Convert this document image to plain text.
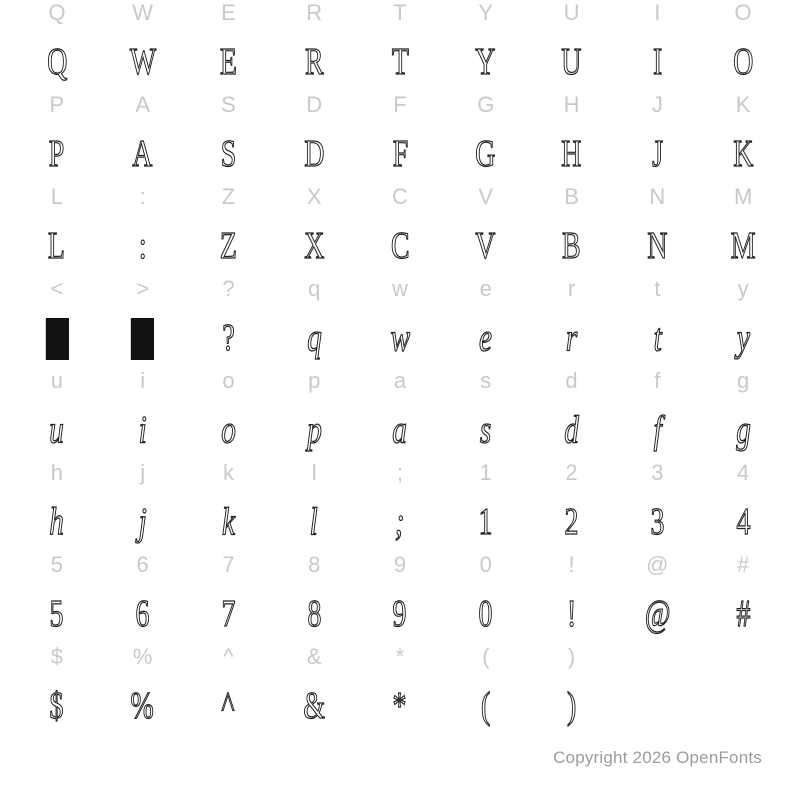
Q
Q
W
W
E
E
R
R
T
T
Y
Y
U
U
I
I
O
O
P
P
A
A
S
S
D
D
F
F
G
G
H
H
J
J
K
K
L
L
:
:
Z
Z
X
X
C
C
V
V
B
B
N
N
M
M
<
▮
>
▮
?
?
q
q
w
w
e
e
r
r
t
t
y
y
u
u
i
i
o
o
p
p
a
a
s
s
d
d
f
f
g
g
h
h
j
j
k
k
l
l
;
;
1
1
2
2
3
3
4
4
5
5
6
6
7
7
8
8
9
9
0
0
!
!
@
@
#
#
$
$
%
%
^
^
&
&
*
*
(
(
)
)
Copyright 2026 OpenFonts
